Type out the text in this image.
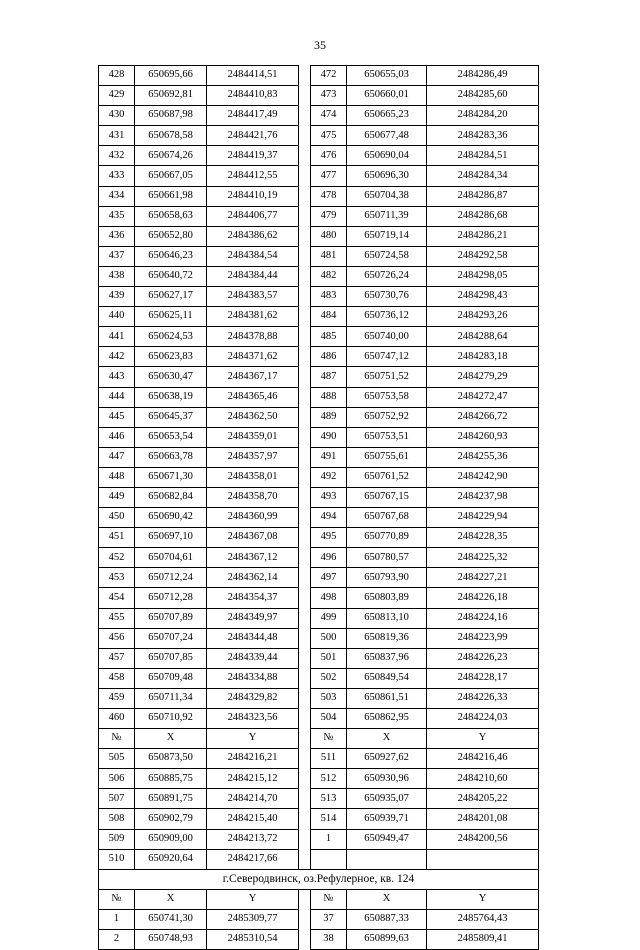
35
428	650695,66	2484414,51		472	650655,03	2484286,49
429	650692,81	2484410,83		473	650660,01	2484285,60
430	650687,98	2484417,49		474	650665,23	2484284,20
431	650678,58	2484421,76		475	650677,48	2484283,36
432	650674,26	2484419,37		476	650690,04	2484284,51
433	650667,05	2484412,55		477	650696,30	2484284,34
434	650661,98	2484410,19		478	650704,38	2484286,87
435	650658,63	2484406,77		479	650711,39	2484286,68
436	650652,80	2484386,62		480	650719,14	2484286,21
437	650646,23	2484384,54		481	650724,58	2484292,58
438	650640,72	2484384,44		482	650726,24	2484298,05
439	650627,17	2484383,57		483	650730,76	2484298,43
440	650625,11	2484381,62		484	650736,12	2484293,26
441	650624,53	2484378,88		485	650740,00	2484288,64
442	650623,83	2484371,62		486	650747,12	2484283,18
443	650630,47	2484367,17		487	650751,52	2484279,29
444	650638,19	2484365,46		488	650753,58	2484272,47
445	650645,37	2484362,50		489	650752,92	2484266,72
446	650653,54	2484359,01		490	650753,51	2484260,93
447	650663,78	2484357,97		491	650755,61	2484255,36
448	650671,30	2484358,01		492	650761,52	2484242,90
449	650682,84	2484358,70		493	650767,15	2484237,98
450	650690,42	2484360,99		494	650767,68	2484229,94
451	650697,10	2484367,08		495	650770,89	2484228,35
452	650704,61	2484367,12		496	650780,57	2484225,32
453	650712,24	2484362,14		497	650793,90	2484227,21
454	650712,28	2484354,37		498	650803,89	2484226,18
455	650707,89	2484349,97		499	650813,10	2484224,16
456	650707,24	2484344,48		500	650819,36	2484223,99
457	650707,85	2484339,44		501	650837,96	2484226,23
458	650709,48	2484334,88		502	650849,54	2484228,17
459	650711,34	2484329,82		503	650861,51	2484226,33
460	650710,92	2484323,56		504	650862,95	2484224,03
№	X	Y		№	X	Y
505	650873,50	2484216,21		511	650927,62	2484216,46
506	650885,75	2484215,12		512	650930,96	2484210,60
507	650891,75	2484214,70		513	650935,07	2484205,22
508	650902,79	2484215,40		514	650939,71	2484201,08
509	650909,00	2484213,72		1	650949,47	2484200,56
510	650920,64	2484217,66				
г.Северодвинск, оз.Рефулерное, кв. 124						
№	X	Y		№	X	Y
1	650741,30	2485309,77		37	650887,33	2485764,43
2	650748,93	2485310,54		38	650899,63	2485809,41
